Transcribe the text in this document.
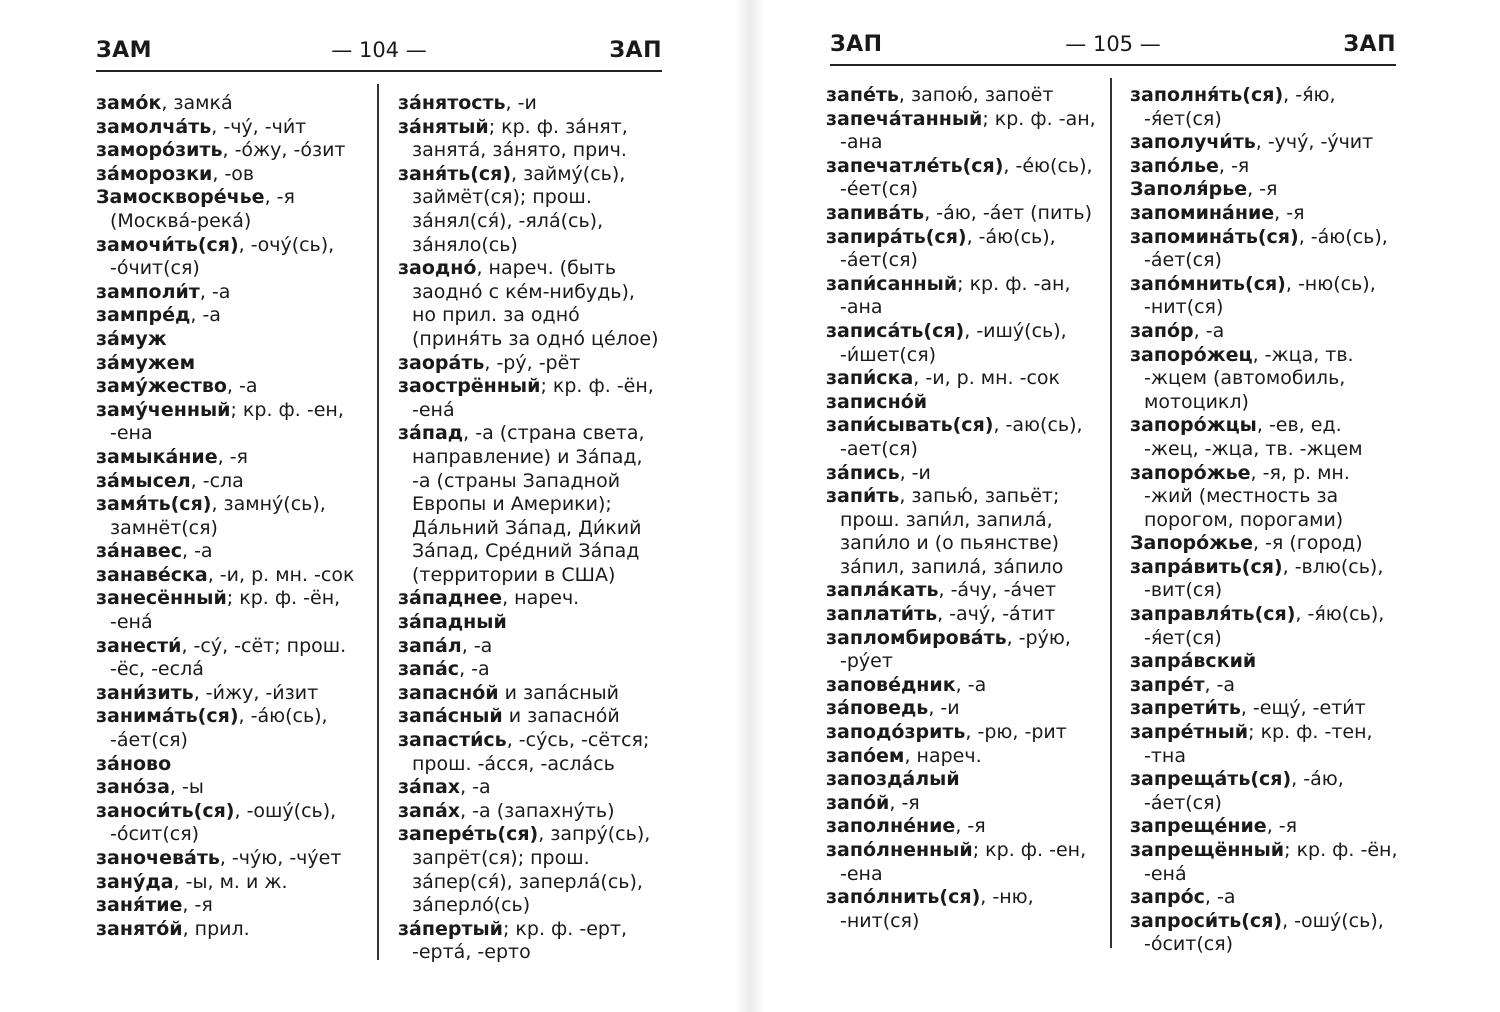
ЗАМ	— 104 —	ЗАП
замо́к, замка́
замолча́ть, -чу́, -чи́т
заморо́зить, -о́жу, -о́зит
за́морозки, -ов
Замоскворе́чье, -я (Москва́-река́)
замочи́ть(ся), -очу́(сь), -о́чит(ся)
замполи́т, -а
зампре́д, -а
за́муж
за́мужем
заму́жество, -а
заму́ченный; кр. ф. -ен, -ена
замыка́ние, -я
за́мысел, -сла
замя́ть(ся), замну́(сь), замнёт(ся)
за́навес, -а
занаве́ска, -и, р. мн. -сок
занесённый; кр. ф. -ён, -ена́
занести́, -су́, -сёт; прош. -ёс, -есла́
зани́зить, -и́жу, -и́зит
занима́ть(ся), -а́ю(сь), -а́ет(ся)
за́ново
зано́за, -ы
заноси́ть(ся), -ошу́(сь), -о́сит(ся)
заночева́ть, -чу́ю, -чу́ет
зану́да, -ы, м. и ж.
заня́тие, -я
занято́й, прил.
за́нятость, -и
за́нятый; кр. ф. за́нят, занята́, за́нято, прич.
заня́ть(ся), займу́(сь), займёт(ся); прош. за́нял(ся́), -яла́(сь), за́няло(сь)
заодно́, нареч. (быть заодно́ с ке́м-нибудь), но прил. за одно́ (приня́ть за одно́ це́лое)
заора́ть, -ру́, -рёт
заострённый; кр. ф. -ён, -ена́
за́пад, -а (страна света, направление) и За́пад, -а (страны Западной Европы и Америки); Да́льний За́пад, Ди́кий За́пад, Сре́дний За́пад (территории в США)
за́паднее, нареч.
за́падный
запа́л, -а
запа́с, -а
запасно́й и запа́сный
запа́сный и запасно́й
запасти́сь, -су́сь, -сётся; прош. -а́сся, -асла́сь
за́пах, -а
запа́х, -а (запахну́ть)
запере́ть(ся), запру́(сь), запрёт(ся); прош. за́пер(ся́), заперла́(сь), за́перло́(сь)
за́пертый; кр. ф. -ерт, -ерта́, -ерто
ЗАП	— 105 —	ЗАП
запе́ть, запою́, запоёт
запеча́танный; кр. ф. -ан, -ана
запечатле́ть(ся), -е́ю(сь), -е́ет(ся)
запива́ть, -а́ю, -а́ет (пить)
запира́ть(ся), -а́ю(сь), -а́ет(ся)
запи́санный; кр. ф. -ан, -ана
записа́ть(ся), -ишу́(сь), -и́шет(ся)
запи́ска, -и, р. мн. -сок
записно́й
запи́сывать(ся), -аю(сь), -ает(ся)
за́пись, -и
запи́ть, запью́, запьёт; прош. запи́л, запила́, запи́ло и (о пьянстве) за́пил, запила́, за́пило
запла́кать, -а́чу, -а́чет
заплати́ть, -ачу́, -а́тит
запломбирова́ть, -ру́ю, -ру́ет
запове́дник, -а
за́поведь, -и
заподо́зрить, -рю, -рит
запо́ем, нареч.
запозда́лый
запо́й, -я
заполне́ние, -я
запо́лненный; кр. ф. -ен, -ена
запо́лнить(ся), -ню, -нит(ся)
заполня́ть(ся), -я́ю, -я́ет(ся)
заполучи́ть, -учу́, -у́чит
запо́лье, -я
Заполя́рье, -я
запомина́ние, -я
запомина́ть(ся), -а́ю(сь), -а́ет(ся)
запо́мнить(ся), -ню(сь), -нит(ся)
запо́р, -а
запоро́жец, -жца, тв. -жцем (автомобиль, мотоцикл)
запоро́жцы, -ев, ед. -жец, -жца, тв. -жцем
запоро́жье, -я, р. мн. -жий (местность за порогом, порогами)
Запоро́жье, -я (город)
запра́вить(ся), -влю(сь), -вит(ся)
заправля́ть(ся), -я́ю(сь), -я́ет(ся)
запра́вский
запре́т, -а
запрети́ть, -ещу́, -ети́т
запре́тный; кр. ф. -тен, -тна
запреща́ть(ся), -а́ю, -а́ет(ся)
запреще́ние, -я
запрещённый; кр. ф. -ён, -ена́
запро́с, -а
запроси́ть(ся), -ошу́(сь), -о́сит(ся)
